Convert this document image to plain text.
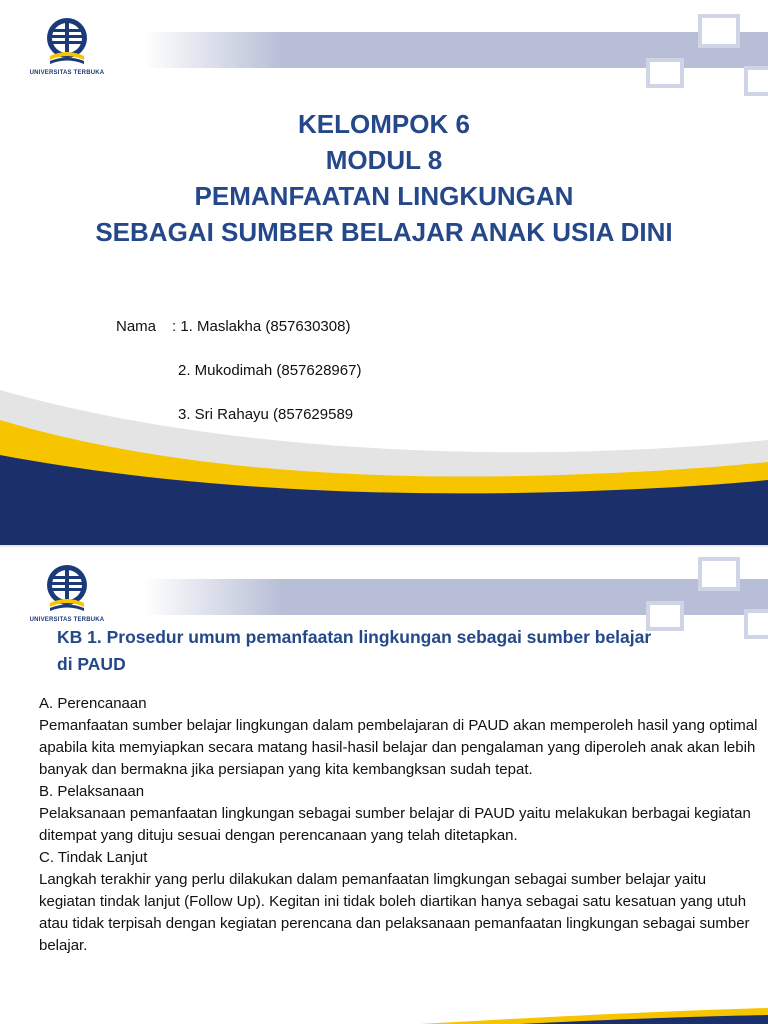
UNIVERSITAS TERBUKA
KELOMPOK 6
MODUL 8
PEMANFAATAN LINGKUNGAN
SEBAGAI SUMBER BELAJAR ANAK USIA DINI
Nama : 1. Maslakha (857630308)
2. Mukodimah (857628967)
3. Sri Rahayu (857629589
UNIVERSITAS TERBUKA
KB 1. Prosedur umum pemanfaatan lingkungan sebagai sumber belajar
di PAUD

A. Perencanaan

Pemanfaatan sumber belajar lingkungan dalam pembelajaran di PAUD akan memperoleh hasil yang optimal apabila kita memyiapkan secara matang hasil-hasil belajar dan pengalaman yang diperoleh anak akan lebih banyak dan bermakna jika persiapan yang kita kembangksan sudah tepat.

B. Pelaksanaan

Pelaksanaan pemanfaatan lingkungan sebagai sumber belajar di PAUD yaitu melakukan berbagai kegiatan ditempat yang dituju sesuai dengan perencanaan yang telah ditetapkan.

C. Tindak Lanjut

Langkah terakhir yang perlu dilakukan dalam pemanfaatan limgkungan sebagai sumber belajar yaitu kegiatan tindak lanjut (Follow Up). Kegitan ini tidak boleh diartikan hanya sebagai satu kesatuan yang utuh atau tidak terpisah dengan kegiatan perencana dan pelaksanaan pemanfaatan lingkungan sebagai sumber belajar.
